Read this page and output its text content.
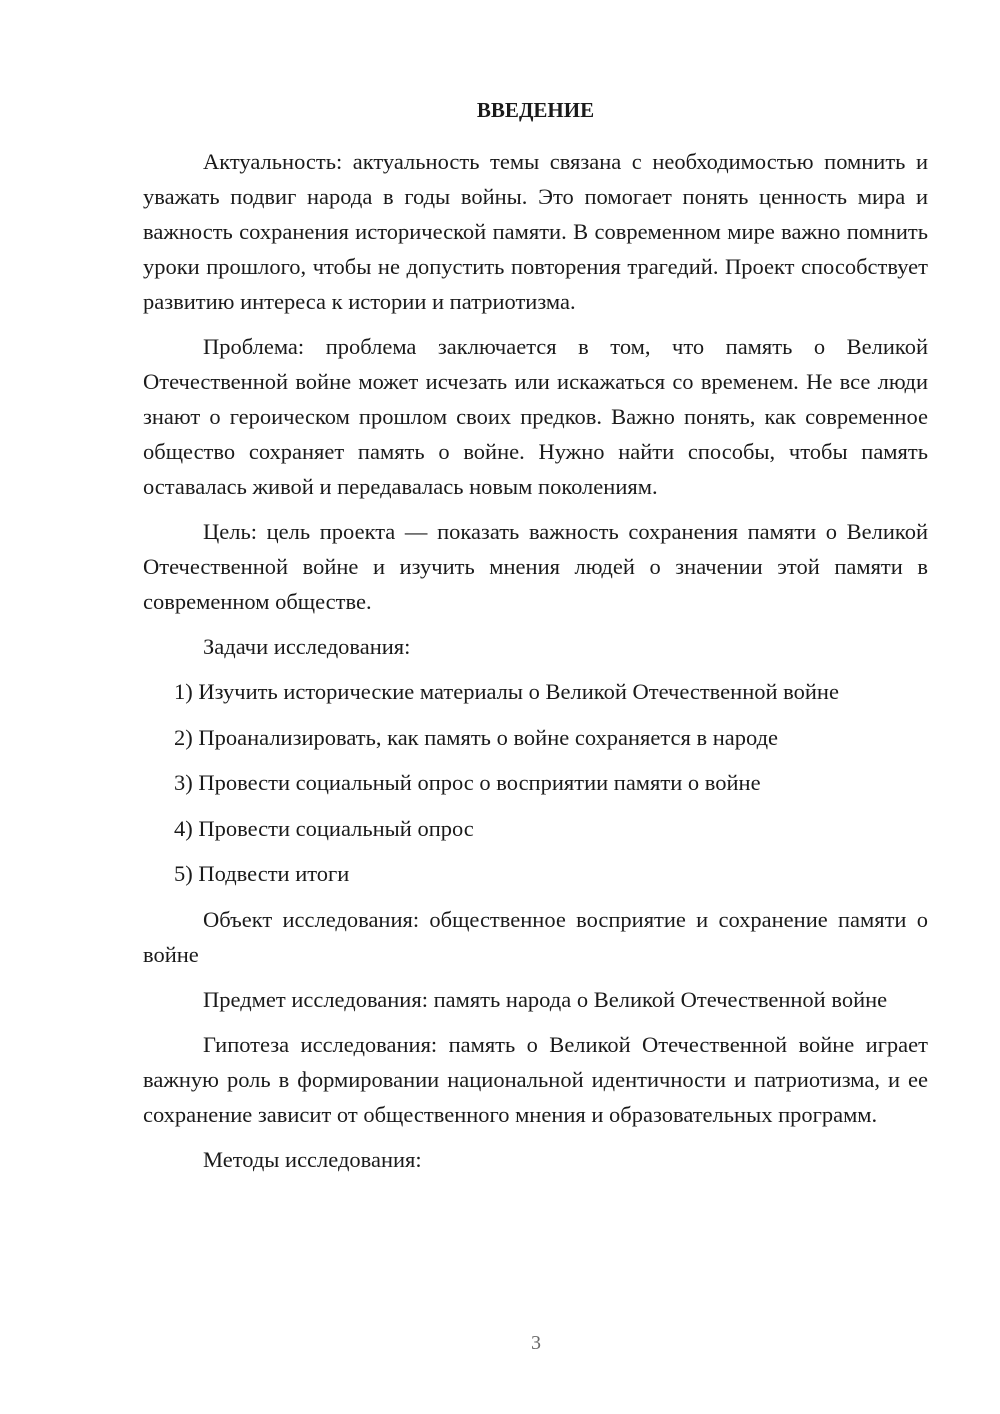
ВВЕДЕНИЕ

Актуальность: актуальность темы связана с необходимостью помнить и уважать подвиг народа в годы войны. Это помогает понять ценность мира и важность сохранения исторической памяти. В современном мире важно помнить уроки прошлого, чтобы не допустить повторения трагедий. Проект способствует развитию интереса к истории и патриотизма.

Проблема: проблема заключается в том, что память о Великой Отечественной войне может исчезать или искажаться со временем. Не все люди знают о героическом прошлом своих предков. Важно понять, как современное общество сохраняет память о войне. Нужно найти способы, чтобы память оставалась живой и передавалась новым поколениям.

Цель: цель проекта — показать важность сохранения памяти о Великой Отечественной войне и изучить мнения людей о значении этой памяти в современном обществе.

Задачи исследования:

1) Изучить исторические материалы о Великой Отечественной войне
2) Проанализировать, как память о войне сохраняется в народе
3) Провести социальный опрос о восприятии памяти о войне
4) Провести социальный опрос
5) Подвести итоги

Объект исследования: общественное восприятие и сохранение памяти о войне

Предмет исследования: память народа о Великой Отечественной войне

Гипотеза исследования: память о Великой Отечественной войне играет важную роль в формировании национальной идентичности и патриотизма, и ее сохранение зависит от общественного мнения и образовательных программ.

Методы исследования:

3
